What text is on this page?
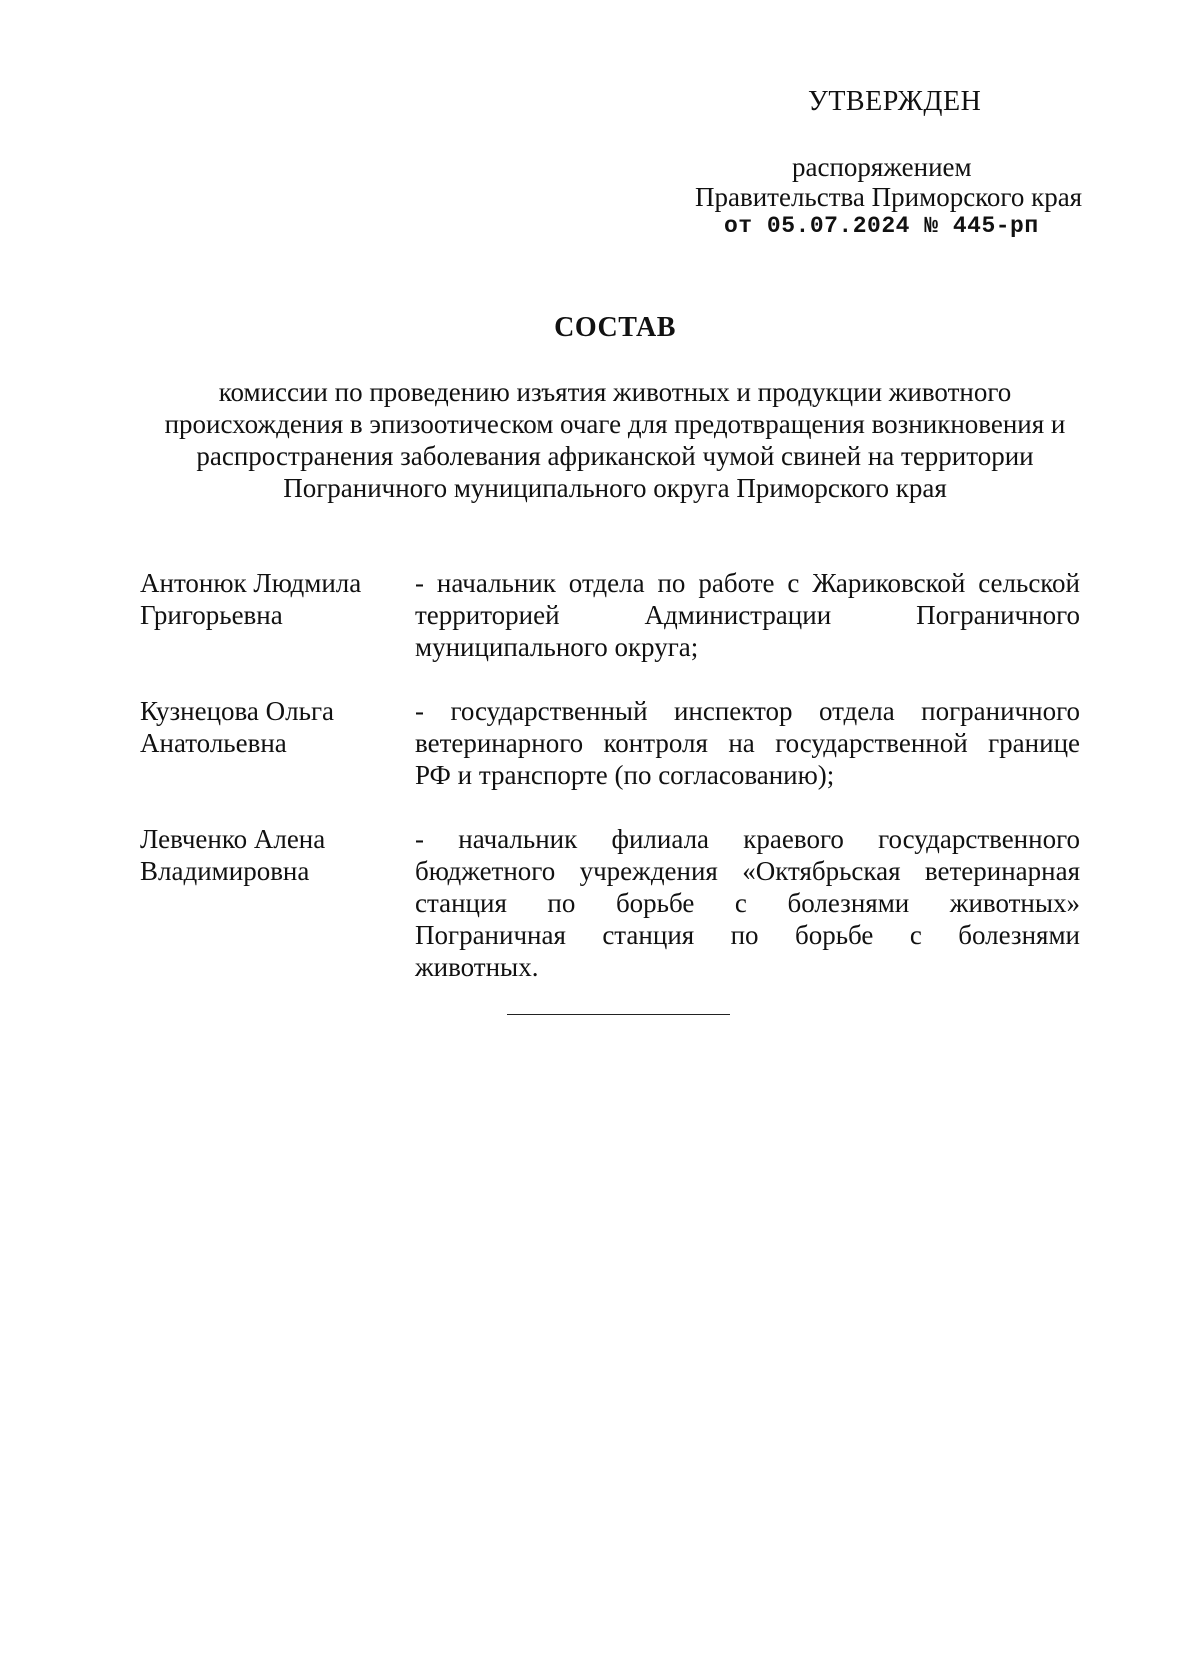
УТВЕРЖДЕН
распоряжением
Правительства Приморского края
от 05.07.2024 № 445-рп
СОСТАВ
комиссии по проведению изъятия животных и продукции животного
происхождения в эпизоотическом очаге для предотвращения возникновения и
распространения заболевания африканской чумой свиней на территории
Пограничного муниципального округа Приморского края
Антонюк Людмила
Григорьевна
- начальник отдела по работе с Жариковской сельской
территорией Администрации Пограничного
муниципального округа;
Кузнецова Ольга
Анатольевна
- государственный инспектор отдела пограничного
ветеринарного контроля на государственной границе
РФ и транспорте (по согласованию);
Левченко Алена
Владимировна
- начальник филиала краевого государственного
бюджетного учреждения «Октябрьская ветеринарная
станция по борьбе с болезнями животных»
Пограничная станция по борьбе с болезнями
животных.
